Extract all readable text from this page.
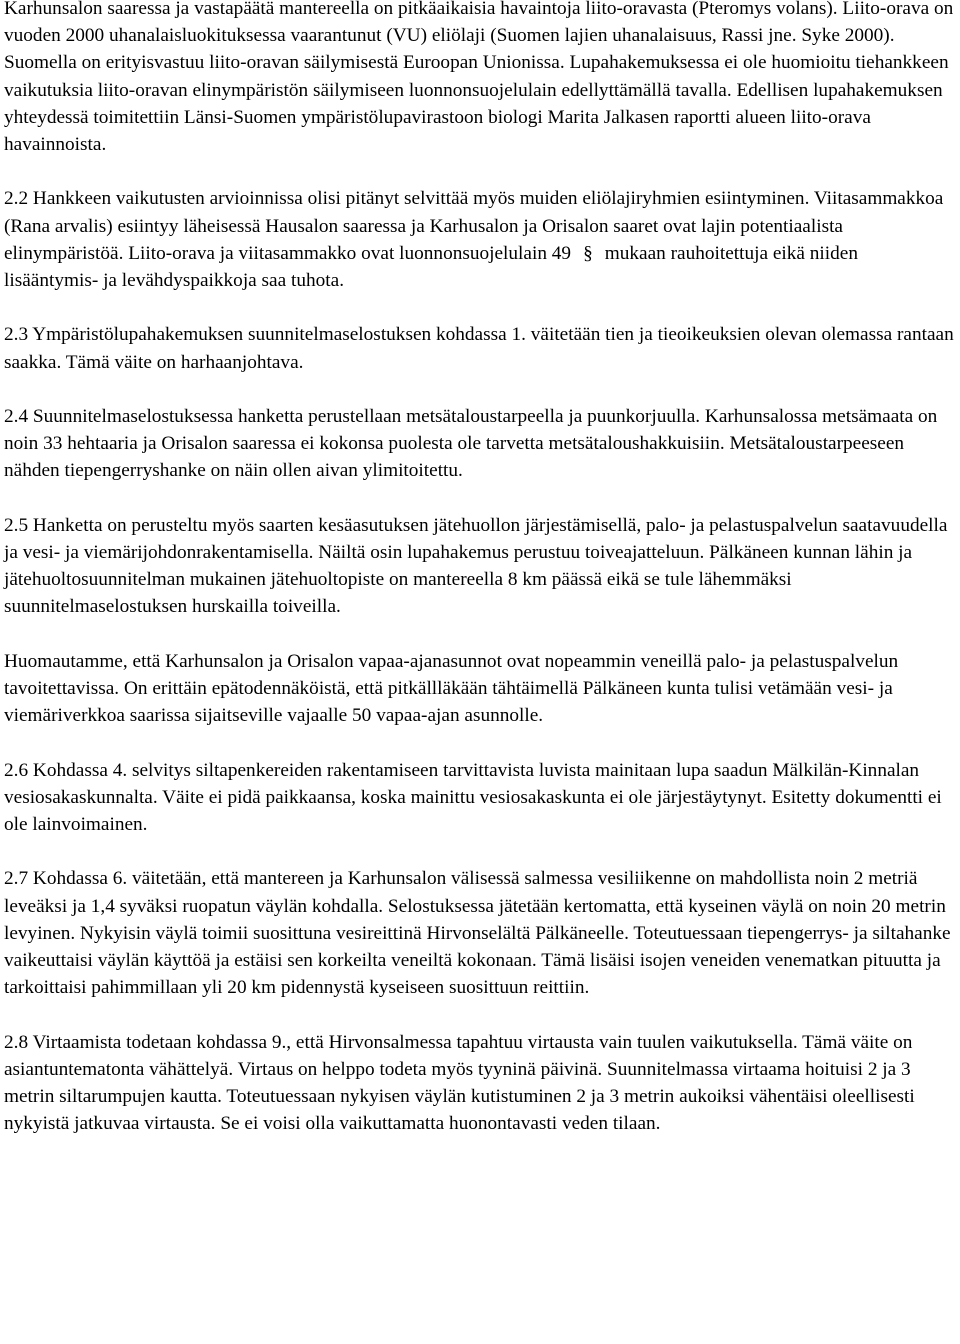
Karhunsalon saaressa ja vastapäätä mantereella on pitkäaikaisia havaintoja liito-oravasta (Pteromys volans). Liito-orava on vuoden 2000 uhanalaisluokituksessa vaarantunut (VU) eliölaji (Suomen lajien uhanalaisuus, Rassi jne. Syke 2000). Suomella on erityisvastuu liito-oravan säilymisestä Euroopan Unionissa. Lupahakemuksessa ei ole huomioitu tiehankkeen vaikutuksia liito-oravan elinympäristön säilymiseen luonnonsuojelulain edellyttämällä tavalla. Edellisen lupahakemuksen yhteydessä toimitettiin Länsi-Suomen ympäristölupavirastoon biologi Marita Jalkasen raportti alueen liito-orava havainnoista.

2.2 Hankkeen vaikutusten arvioinnissa olisi pitänyt selvittää myös muiden eliölajiryhmien esiintyminen. Viitasammakkoa (Rana arvalis) esiintyy läheisessä Hausalon saaressa ja Karhusalon ja Orisalon saaret ovat lajin potentiaalista elinympäristöä. Liito-orava ja viitasammakko ovat luonnonsuojelulain 49 § mukaan rauhoitettuja eikä niiden lisääntymis- ja levähdyspaikkoja saa tuhota.

2.3 Ympäristölupahakemuksen suunnitelmaselostuksen kohdassa 1. väitetään tien ja tieoikeuksien olevan olemassa rantaan saakka. Tämä väite on harhaanjohtava.

2.4 Suunnitelmaselostuksessa hanketta perustellaan metsätaloustarpeella ja puunkorjuulla. Karhunsalossa metsämaata on noin 33 hehtaaria ja Orisalon saaressa ei kokonsa puolesta ole tarvetta metsätaloushakkuisiin. Metsätaloustarpeeseen nähden tiepengerryshanke on näin ollen aivan ylimitoitettu.

2.5 Hanketta on perusteltu myös saarten kesäasutuksen jätehuollon järjestämisellä, palo- ja pelastuspalvelun saatavuudella ja vesi- ja viemärijohdonrakentamisella. Näiltä osin lupahakemus perustuu toiveajatteluun. Pälkäneen kunnan lähin ja jätehuoltosuunnitelman mukainen jätehuoltopiste on mantereella 8 km päässä eikä se tule lähemmäksi suunnitelmaselostuksen hurskailla toiveilla.

Huomautamme, että Karhunsalon ja Orisalon vapaa-ajanasunnot ovat nopeammin veneillä palo- ja pelastuspalvelun tavoitettavissa. On erittäin epätodennäköistä, että pitkällläkään tähtäimellä Pälkäneen kunta tulisi vetämään vesi- ja viemäriverkkoa saarissa sijaitseville vajaalle 50 vapaa-ajan asunnolle.

2.6 Kohdassa 4. selvitys siltapenkereiden rakentamiseen tarvittavista luvista mainitaan lupa saadun Mälkilän-Kinnalan vesiosakaskunnalta. Väite ei pidä paikkaansa, koska mainittu vesiosakaskunta ei ole järjestäytynyt. Esitetty dokumentti ei ole lainvoimainen.

2.7 Kohdassa 6. väitetään, että mantereen ja Karhunsalon välisessä salmessa vesiliikenne on mahdollista noin 2 metriä leveäksi ja 1,4 syväksi ruopatun väylän kohdalla. Selostuksessa jätetään kertomatta, että kyseinen väylä on noin 20 metrin levyinen. Nykyisin väylä toimii suosittuna vesireittinä Hirvonselältä Pälkäneelle. Toteutuessaan tiepengerrys- ja siltahanke vaikeuttaisi väylän käyttöä ja estäisi sen korkeilta veneiltä kokonaan. Tämä lisäisi isojen veneiden venematkan pituutta ja tarkoittaisi pahimmillaan yli 20 km pidennystä kyseiseen suosittuun reittiin.

2.8 Virtaamista todetaan kohdassa 9., että Hirvonsalmessa tapahtuu virtausta vain tuulen vaikutuksella. Tämä väite on asiantuntematonta vähättelyä. Virtaus on helppo todeta myös tyyninä päivinä. Suunnitelmassa virtaama hoituisi 2 ja 3 metrin siltarumpujen kautta. Toteutuessaan nykyisen väylän kutistuminen 2 ja 3 metrin aukoiksi vähentäisi oleellisesti nykyistä jatkuvaa virtausta. Se ei voisi olla vaikuttamatta huonontavasti veden tilaan.
